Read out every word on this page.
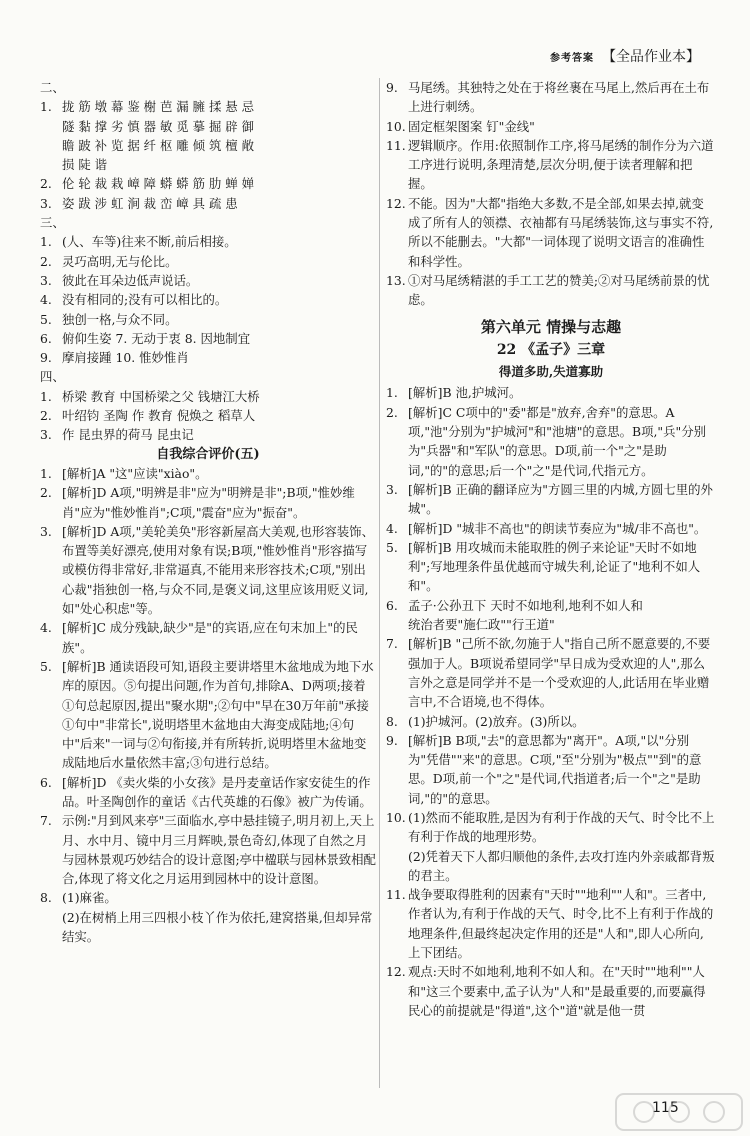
参考答案 【全品作业本】
二、
1. 拢 筋 墩 幕 鉴 榭 芭 漏 臃 揉 悬 忌
隧 黏 撑 劣 慎 器 敏 觅 摹 掘 辟 御
瞻 跛 补 览 据 纤 枢 雕 倾 筑 檀 敞
损 陡 谐
2. 伦 轮 裁 栽 嶂 障 蟒 蟒 筋 肋 蝉 婵
3. 姿 跋 涉 虹 涧 裁 峦 嶂 具 疏 患
三、
1. (人、车等)往来不断,前后相接。
2. 灵巧高明,无与伦比。
3. 彼此在耳朵边低声说话。
4. 没有相同的;没有可以相比的。
5. 独创一格,与众不同。
6. 俯仰生姿 7. 无动于衷 8. 因地制宜
9. 摩肩接踵 10. 惟妙惟肖
四、
1. 桥梁 教育 中国桥梁之父 钱塘江大桥
2. 叶绍钧 圣陶 作 教育 倪焕之 稻草人
3. 作 昆虫界的荷马 昆虫记
自我综合评价(五)
1. [解析]A "这"应读"xiào"。
2. [解析]D A项,"明辨是非"应为"明辨是非";B项,"惟妙维肖"应为"惟妙惟肖";C项,"震奋"应为"振奋"。
3. [解析]D A项,"美轮美奂"形容新屋高大美观,也形容装饰、布置等美好漂亮,使用对象有误;B项,"惟妙惟肖"形容描写或模仿得非常好,非常逼真,不能用来形容技术;C项,"别出心裁"指独创一格,与众不同,是褒义词,这里应该用贬义词,如"处心积虑"等。
4. [解析]C 成分残缺,缺少"是"的宾语,应在句末加上"的民族"。
5. [解析]B 通读语段可知,语段主要讲塔里木盆地成为地下水库的原因。⑤句提出问题,作为首句,排除A、D两项;接着①句总起原因,提出"聚水期";②句中"早在30万年前"承接①句中"非常长",说明塔里木盆地由大海变成陆地;④句中"后来"一词与②句衔接,并有所转折,说明塔里木盆地变成陆地后水量依然丰富;③句进行总结。
6. [解析]D 《卖火柴的小女孩》是丹麦童话作家安徒生的作品。叶圣陶创作的童话《古代英雄的石像》被广为传诵。
7. 示例:"月到风来亭"三面临水,亭中悬挂镜子,明月初上,天上月、水中月、镜中月三月辉映,景色奇幻,体现了自然之月与园林景观巧妙结合的设计意图;亭中楹联与园林景致相配合,体现了将文化之月运用到园林中的设计意图。
8. (1)麻雀。
(2)在树梢上用三四根小枝丫作为依托,建窝搭巢,但却异常结实。
9. 马尾绣。其独特之处在于将丝裹在马尾上,然后再在土布上进行刺绣。
10. 固定框架图案 钉"金线"
11. 逻辑顺序。作用:依照制作工序,将马尾绣的制作分为六道工序进行说明,条理清楚,层次分明,便于读者理解和把握。
12. 不能。因为"大都"指绝大多数,不是全部,如果去掉,就变成了所有人的领襟、衣袖都有马尾绣装饰,这与事实不符,所以不能删去。"大都"一词体现了说明文语言的准确性和科学性。
13. ①对马尾绣精湛的手工工艺的赞美;②对马尾绣前景的忧虑。
第六单元 情操与志趣
22 《孟子》三章
得道多助,失道寡助
1. [解析]B 池,护城河。
2. [解析]C C项中的"委"都是"放弃,舍弃"的意思。A项,"池"分别为"护城河"和"池塘"的意思。B项,"兵"分别为"兵器"和"军队"的意思。D项,前一个"之"是助词,"的"的意思;后一个"之"是代词,代指元方。
3. [解析]B 正确的翻译应为"方圆三里的内城,方圆七里的外城"。
4. [解析]D "城非不高也"的朗读节奏应为"城/非不高也"。
5. [解析]B 用攻城而未能取胜的例子来论证"天时不如地利";写地理条件虽优越而守城失利,论证了"地利不如人和"。
6. 孟子·公孙丑下 天时不如地利,地利不如人和
统治者要"施仁政""行王道"
7. [解析]B "己所不欲,勿施于人"指自己所不愿意要的,不要强加于人。B项说希望同学"早日成为受欢迎的人",那么言外之意是同学并不是一个受欢迎的人,此话用在毕业赠言中,不合语境,也不得体。
8. (1)护城河。(2)放弃。(3)所以。
9. [解析]B B项,"去"的意思都为"离开"。A项,"以"分别为"凭借""来"的意思。C项,"至"分别为"极点""到"的意思。D项,前一个"之"是代词,代指道者;后一个"之"是助词,"的"的意思。
10. (1)然而不能取胜,是因为有利于作战的天气、时令比不上有利于作战的地理形势。
(2)凭着天下人都归顺他的条件,去攻打连内外亲戚都背叛的君主。
11. 战争要取得胜利的因素有"天时""地利""人和"。三者中,作者认为,有利于作战的天气、时令,比不上有利于作战的地理条件,但最终起决定作用的还是"人和",即人心所向,上下团结。
12. 观点:天时不如地利,地利不如人和。在"天时""地利""人和"这三个要素中,孟子认为"人和"是最重要的,而要赢得民心的前提就是"得道",这个"道"就是他一贯
115
